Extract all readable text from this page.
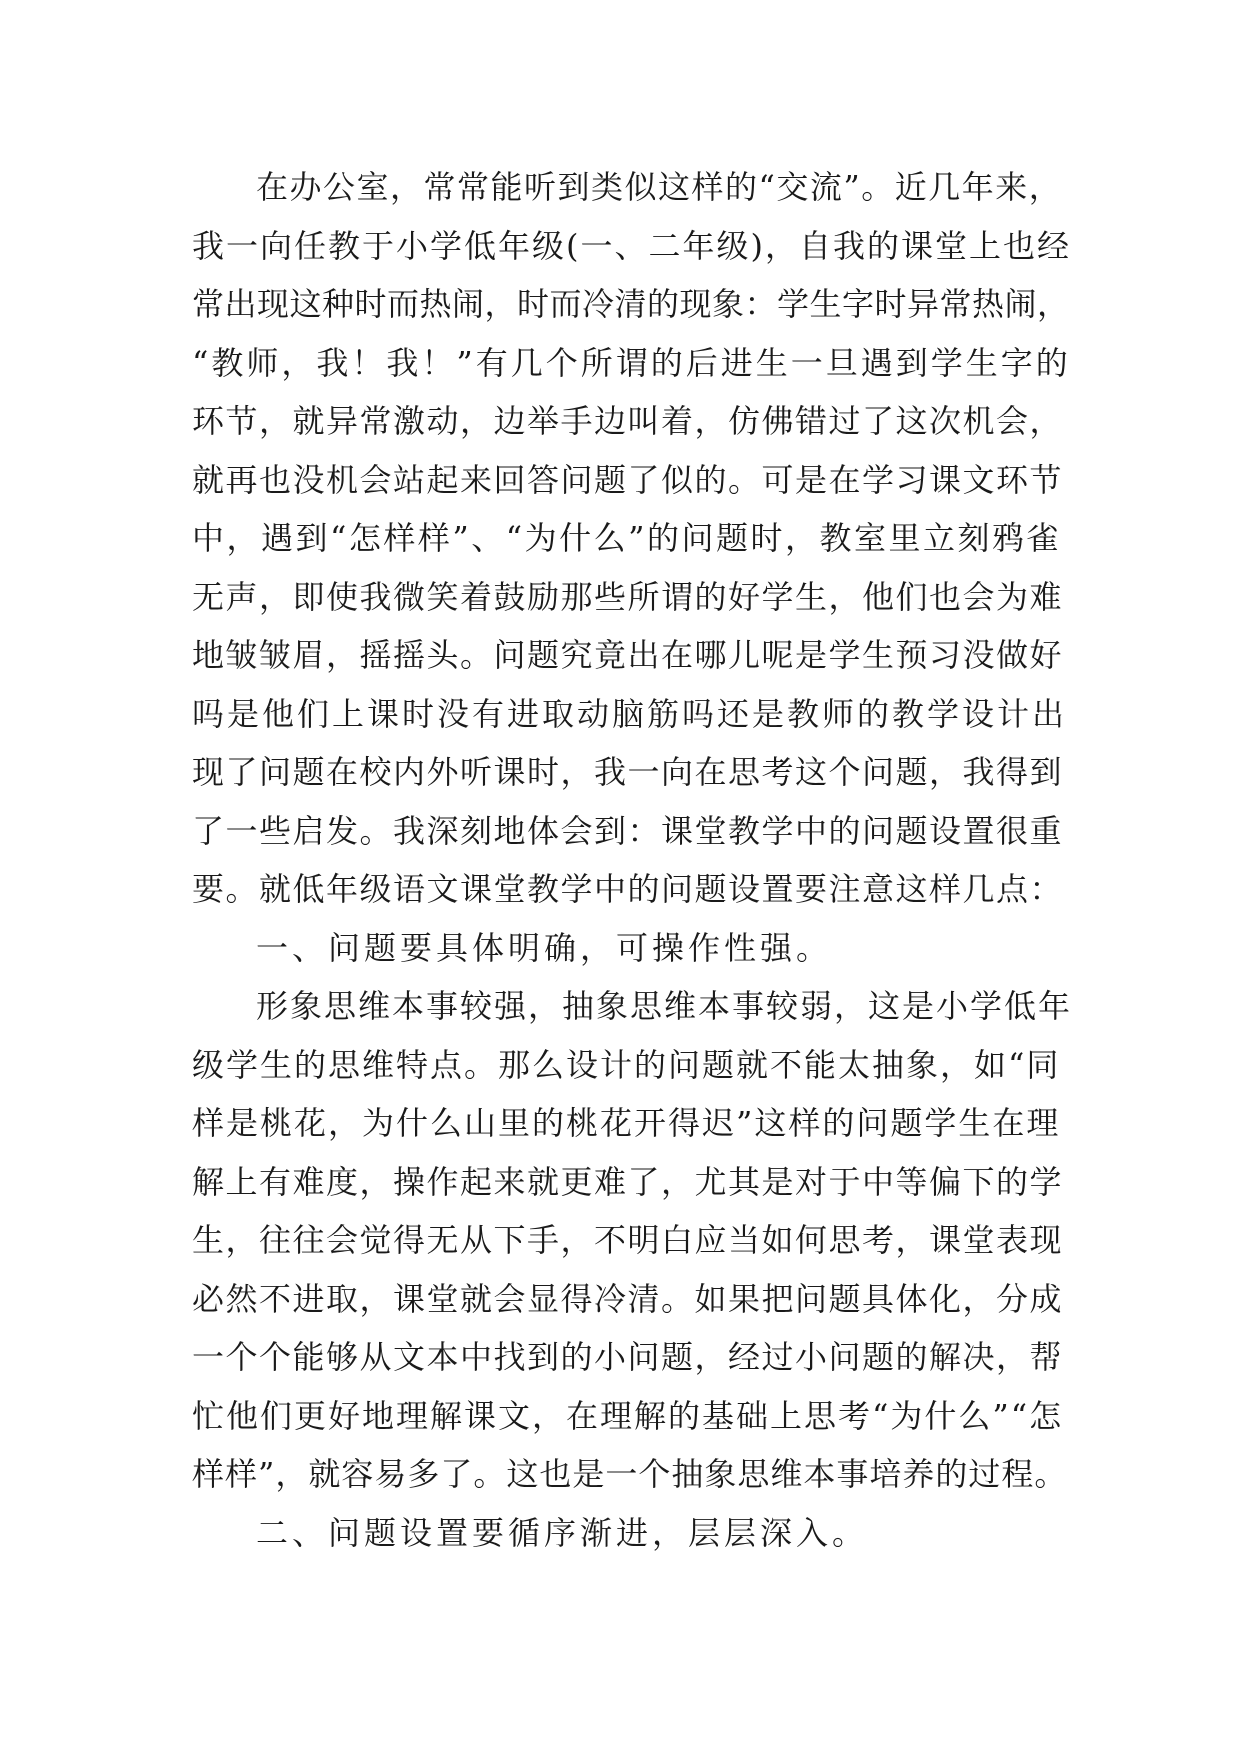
在办公室，常常能听到类似这样的“交流”。近几年来，
我一向任教于小学低年级(一、二年级)，自我的课堂上也经
常出现这种时而热闹，时而冷清的现象：学生字时异常热闹，
“教师，我！我！”有几个所谓的后进生一旦遇到学生字的
环节，就异常激动，边举手边叫着，仿佛错过了这次机会，
就再也没机会站起来回答问题了似的。可是在学习课文环节
中，遇到“怎样样”、“为什么”的问题时，教室里立刻鸦雀
无声，即使我微笑着鼓励那些所谓的好学生，他们也会为难
地皱皱眉，摇摇头。问题究竟出在哪儿呢是学生预习没做好
吗是他们上课时没有进取动脑筋吗还是教师的教学设计出
现了问题在校内外听课时，我一向在思考这个问题，我得到
了一些启发。我深刻地体会到：课堂教学中的问题设置很重
要。就低年级语文课堂教学中的问题设置要注意这样几点：
一、问题要具体明确，可操作性强。
形象思维本事较强，抽象思维本事较弱，这是小学低年
级学生的思维特点。那么设计的问题就不能太抽象，如“同
样是桃花，为什么山里的桃花开得迟”这样的问题学生在理
解上有难度，操作起来就更难了，尤其是对于中等偏下的学
生，往往会觉得无从下手，不明白应当如何思考，课堂表现
必然不进取，课堂就会显得冷清。如果把问题具体化，分成
一个个能够从文本中找到的小问题，经过小问题的解决，帮
忙他们更好地理解课文，在理解的基础上思考“为什么”“怎
样样”，就容易多了。这也是一个抽象思维本事培养的过程。
二、问题设置要循序渐进，层层深入。
